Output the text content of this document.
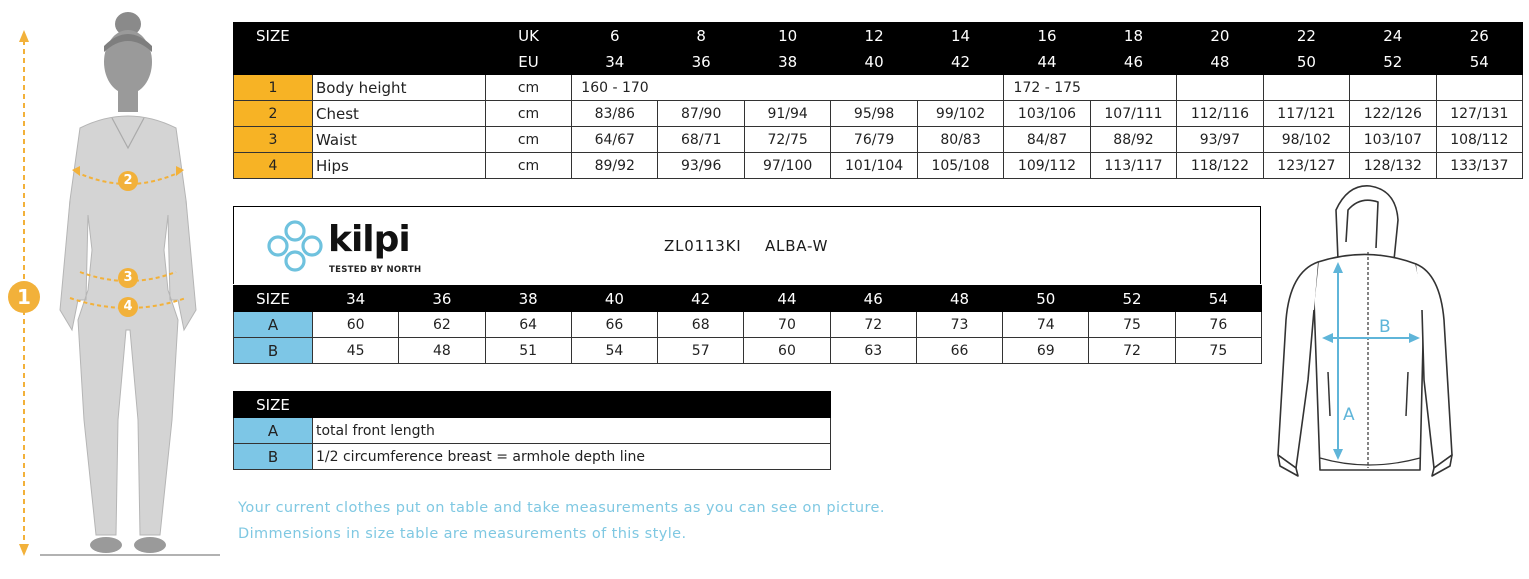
1
2
3
4
SIZE		UK	6	8	10	12	14	16	18	20	22	24	26
		EU	34	36	38	40	42	44	46	48	50	52	54
1	Body height	cm	160 - 170					172 - 175					
2	Chest	cm	83/86	87/90	91/94	95/98	99/102	103/106	107/111	112/116	117/121	122/126	127/131
3	Waist	cm	64/67	68/71	72/75	76/79	80/83	84/87	88/92	93/97	98/102	103/107	108/112
4	Hips	cm	89/92	93/96	97/100	101/104	105/108	109/112	113/117	118/122	123/127	128/132	133/137
kilpi
TESTED BY NORTH
ZL0113KI ALBA-W
SIZE	34	36	38	40	42	44	46	48	50	52	54
A	60	62	64	66	68	70	72	73	74	75	76
B	45	48	51	54	57	60	63	66	69	72	75
SIZE	
A	total front length
B	1/2 circumference breast = armhole depth line
Your current clothes put on table and take measurements as you can see on picture.
Dimmensions in size table are measurements of this style.
A
B
